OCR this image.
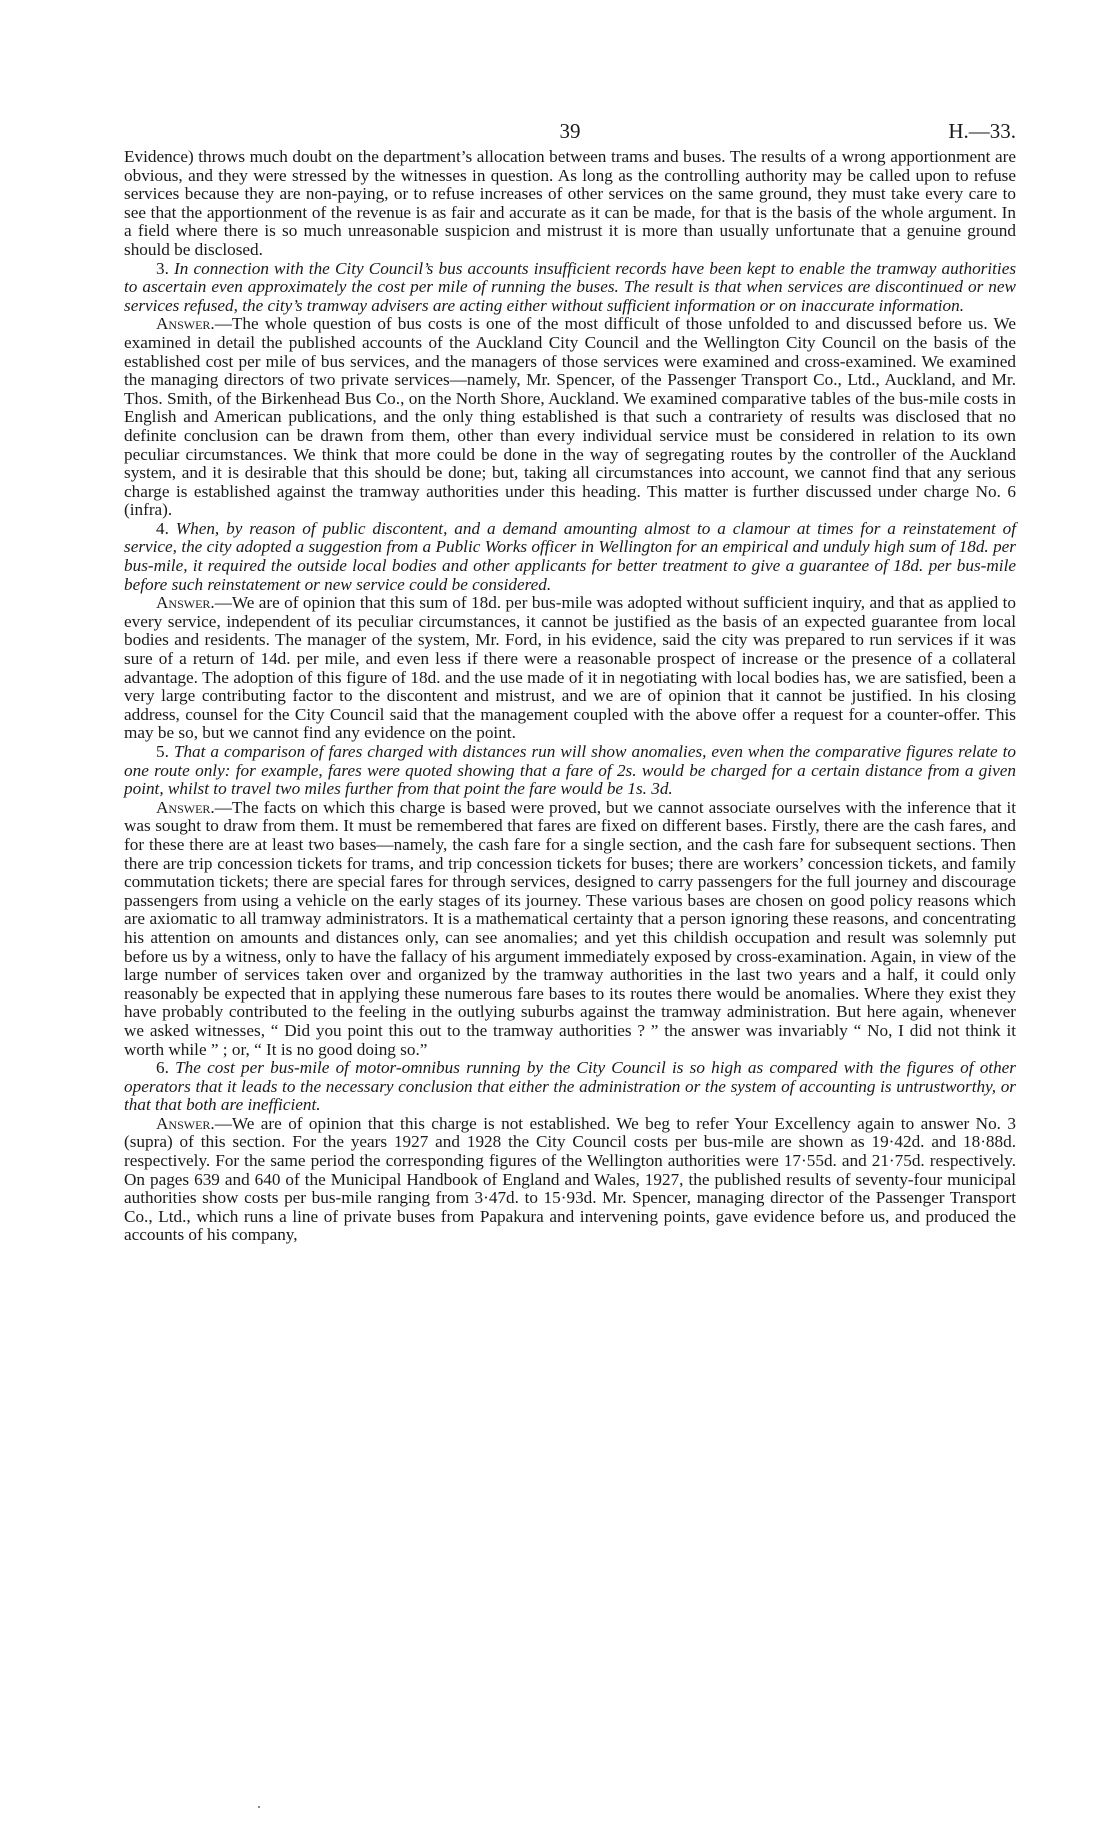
39	H.—33.

Evidence) throws much doubt on the department’s allocation between trams and buses. The results of a wrong apportionment are obvious, and they were stressed by the witnesses in question. As long as the controlling authority may be called upon to refuse services because they are non-paying, or to refuse increases of other services on the same ground, they must take every care to see that the apportionment of the revenue is as fair and accurate as it can be made, for that is the basis of the whole argument. In a field where there is so much unreasonable suspicion and mistrust it is more than usually unfortunate that a genuine ground should be disclosed.

3. In connection with the City Council’s bus accounts insufficient records have been kept to enable the tramway authorities to ascertain even approximately the cost per mile of running the buses. The result is that when services are discontinued or new services refused, the city’s tramway advisers are acting either without sufficient information or on inaccurate information.

Answer.—The whole question of bus costs is one of the most difficult of those unfolded to and discussed before us. We examined in detail the published accounts of the Auckland City Council and the Wellington City Council on the basis of the established cost per mile of bus services, and the managers of those services were examined and cross-examined. We examined the managing directors of two private services—namely, Mr. Spencer, of the Passenger Transport Co., Ltd., Auckland, and Mr. Thos. Smith, of the Birkenhead Bus Co., on the North Shore, Auckland. We examined comparative tables of the bus-mile costs in English and American publications, and the only thing established is that such a contrariety of results was disclosed that no definite conclusion can be drawn from them, other than every individual service must be considered in relation to its own peculiar circumstances. We think that more could be done in the way of segregating routes by the controller of the Auckland system, and it is desirable that this should be done; but, taking all circumstances into account, we cannot find that any serious charge is established against the tramway authorities under this heading. This matter is further discussed under charge No. 6 (infra).

4. When, by reason of public discontent, and a demand amounting almost to a clamour at times for a reinstatement of service, the city adopted a suggestion from a Public Works officer in Wellington for an empirical and unduly high sum of 18d. per bus-mile, it required the outside local bodies and other applicants for better treatment to give a guarantee of 18d. per bus-mile before such reinstatement or new service could be considered.

Answer.—We are of opinion that this sum of 18d. per bus-mile was adopted without sufficient inquiry, and that as applied to every service, independent of its peculiar circumstances, it cannot be justified as the basis of an expected guarantee from local bodies and residents. The manager of the system, Mr. Ford, in his evidence, said the city was prepared to run services if it was sure of a return of 14d. per mile, and even less if there were a reasonable prospect of increase or the presence of a collateral advantage. The adoption of this figure of 18d. and the use made of it in negotiating with local bodies has, we are satisfied, been a very large contributing factor to the discontent and mistrust, and we are of opinion that it cannot be justified. In his closing address, counsel for the City Council said that the management coupled with the above offer a request for a counter-offer. This may be so, but we cannot find any evidence on the point.

5. That a comparison of fares charged with distances run will show anomalies, even when the comparative figures relate to one route only: for example, fares were quoted showing that a fare of 2s. would be charged for a certain distance from a given point, whilst to travel two miles further from that point the fare would be 1s. 3d.

Answer.—The facts on which this charge is based were proved, but we cannot associate ourselves with the inference that it was sought to draw from them. It must be remembered that fares are fixed on different bases. Firstly, there are the cash fares, and for these there are at least two bases—namely, the cash fare for a single section, and the cash fare for subsequent sections. Then there are trip concession tickets for trams, and trip concession tickets for buses; there are workers’ concession tickets, and family commutation tickets; there are special fares for through services, designed to carry passengers for the full journey and discourage passengers from using a vehicle on the early stages of its journey. These various bases are chosen on good policy reasons which are axiomatic to all tramway administrators. It is a mathematical certainty that a person ignoring these reasons, and concentrating his attention on amounts and distances only, can see anomalies; and yet this childish occupation and result was solemnly put before us by a witness, only to have the fallacy of his argument immediately exposed by cross-examination. Again, in view of the large number of services taken over and organized by the tramway authorities in the last two years and a half, it could only reasonably be expected that in applying these numerous fare bases to its routes there would be anomalies. Where they exist they have probably contributed to the feeling in the outlying suburbs against the tramway administration. But here again, whenever we asked witnesses, “ Did you point this out to the tramway authorities ? ” the answer was invariably “ No, I did not think it worth while ” ; or, “ It is no good doing so.”

6. The cost per bus-mile of motor-omnibus running by the City Council is so high as compared with the figures of other operators that it leads to the necessary conclusion that either the administration or the system of accounting is untrustworthy, or that that both are inefficient.

Answer.—We are of opinion that this charge is not established. We beg to refer Your Excellency again to answer No. 3 (supra) of this section. For the years 1927 and 1928 the City Council costs per bus-mile are shown as 19·42d. and 18·88d. respectively. For the same period the corresponding figures of the Wellington authorities were 17·55d. and 21·75d. respectively. On pages 639 and 640 of the Municipal Handbook of England and Wales, 1927, the published results of seventy-four municipal authorities show costs per bus-mile ranging from 3·47d. to 15·93d. Mr. Spencer, managing director of the Passenger Transport Co., Ltd., which runs a line of private buses from Papakura and intervening points, gave evidence before us, and produced the accounts of his company,
